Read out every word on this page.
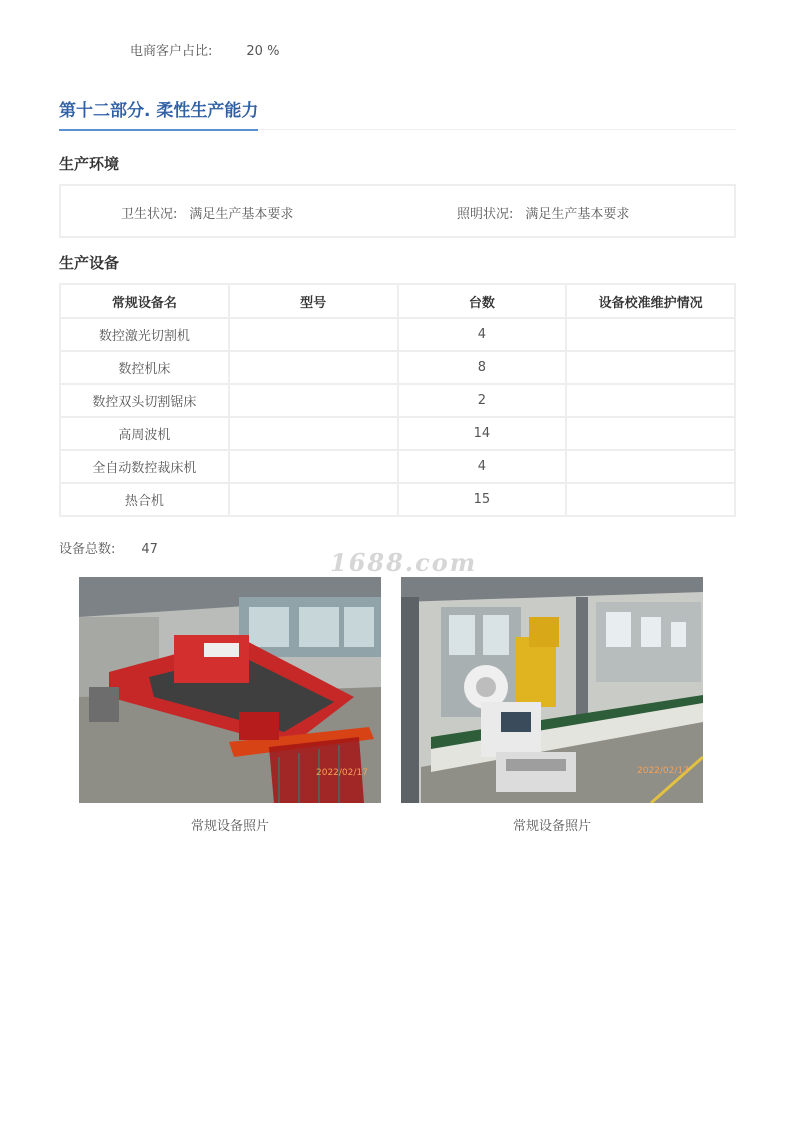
电商客户占比:	20 %
第十二部分. 柔性生产能力
生产环境
卫生状况: 满足生产基本要求	照明状况: 满足生产基本要求
生产设备
常规设备名	型号	台数	设备校准维护情况
数控激光切割机		4	
数控机床		8	
数控双头切割锯床		2	
高周波机		14	
全自动数控裁床机		4	
热合机		15	
设备总数: 47	1688.com
2022/02/17	2022/02/17
常规设备照片	常规设备照片
